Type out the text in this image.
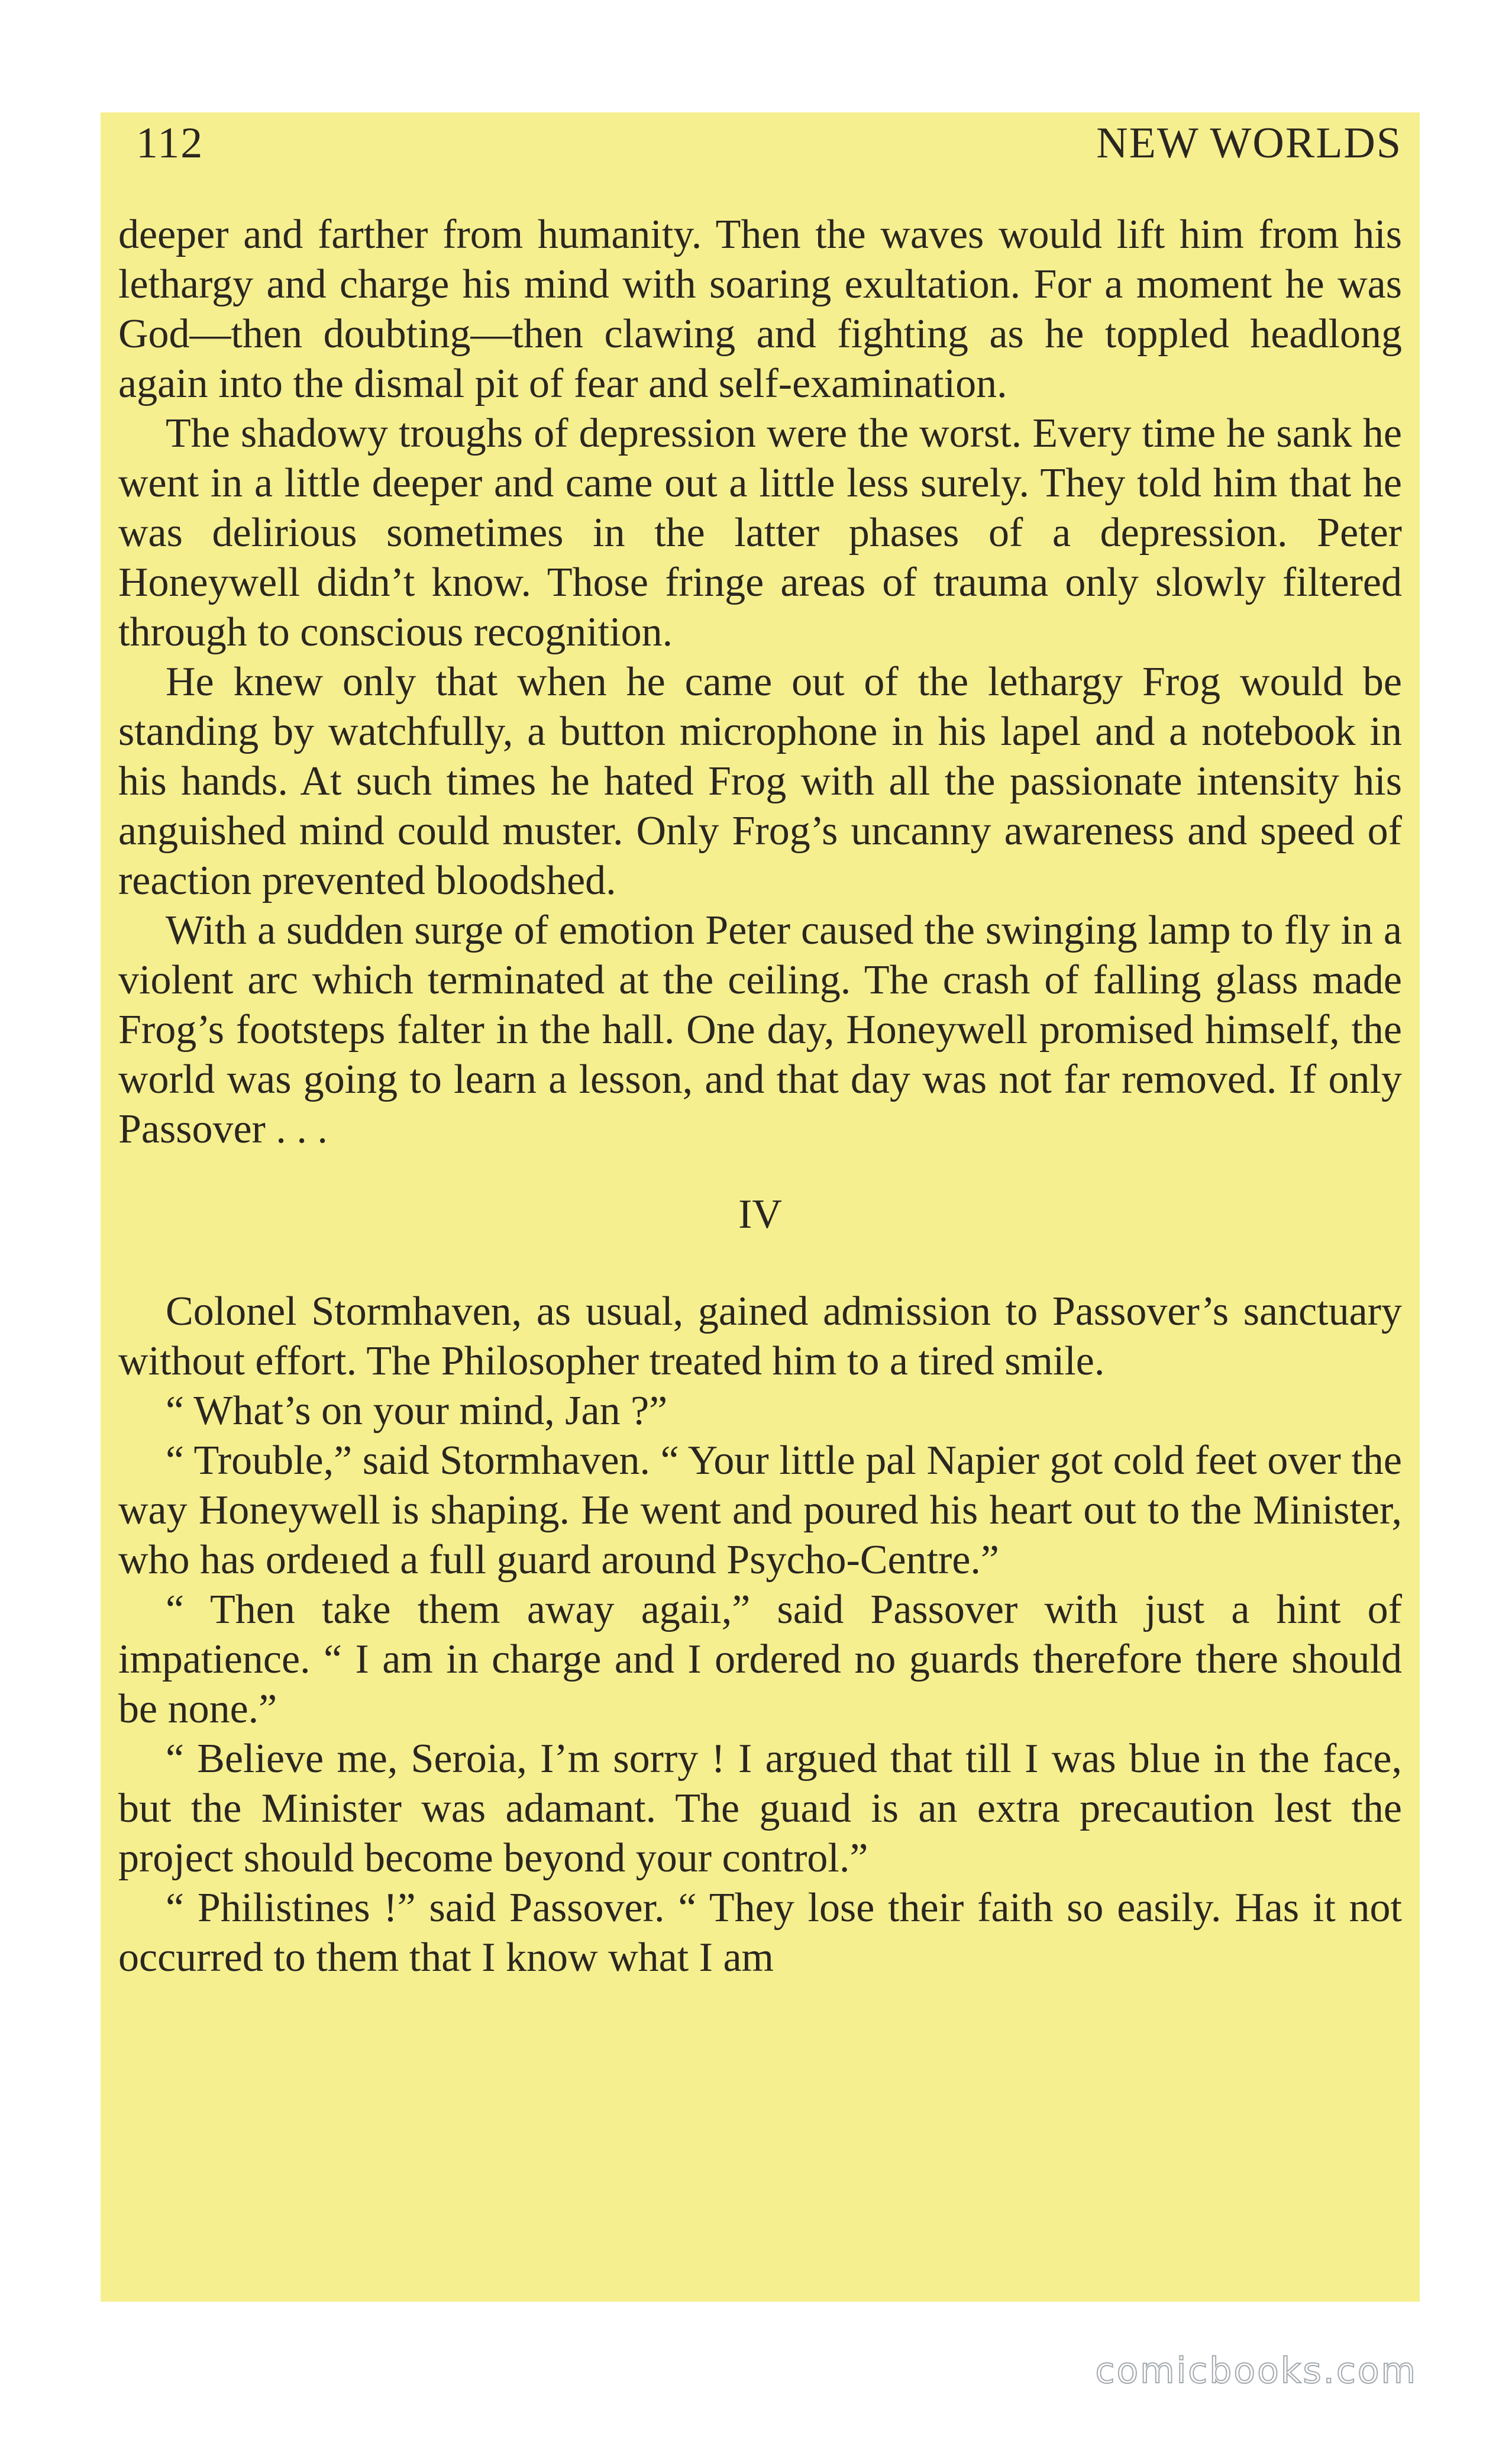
112	NEW WORLDS

deeper and farther from humanity. Then the waves would lift him from his lethargy and charge his mind with soaring exultation. For a moment he was God—then doubting—then clawing and fighting as he toppled headlong again into the dismal pit of fear and self-examination.

The shadowy troughs of depression were the worst. Every time he sank he went in a little deeper and came out a little less surely. They told him that he was delirious sometimes in the latter phases of a depression. Peter Honeywell didn’t know. Those fringe areas of trauma only slowly filtered through to conscious recognition.

He knew only that when he came out of the lethargy Frog would be standing by watchfully, a button microphone in his lapel and a notebook in his hands. At such times he hated Frog with all the passionate intensity his anguished mind could muster. Only Frog’s uncanny awareness and speed of reaction prevented bloodshed.

With a sudden surge of emotion Peter caused the swinging lamp to fly in a violent arc which terminated at the ceiling. The crash of falling glass made Frog’s footsteps falter in the hall. One day, Honeywell promised himself, the world was going to learn a lesson, and that day was not far removed. If only Passover . . .

IV

Colonel Stormhaven, as usual, gained admission to Passover’s sanctuary without effort. The Philosopher treated him to a tired smile.

“ What’s on your mind, Jan ?”

“ Trouble,” said Stormhaven. “ Your little pal Napier got cold feet over the way Honeywell is shaping. He went and poured his heart out to the Minister, who has ordeıed a full guard around Psycho-Centre.”

“ Then take them away agaiı,” said Passover with just a hint of impatience. “ I am in charge and I ordered no guards therefore there should be none.”

“ Believe me, Seroia, I’m sorry ! I argued that till I was blue in the face, but the Minister was adamant. The guaıd is an extra precaution lest the project should become beyond your control.”

“ Philistines !” said Passover. “ They lose their faith so easily. Has it not occurred to them that I know what I am

comicbooks.com
